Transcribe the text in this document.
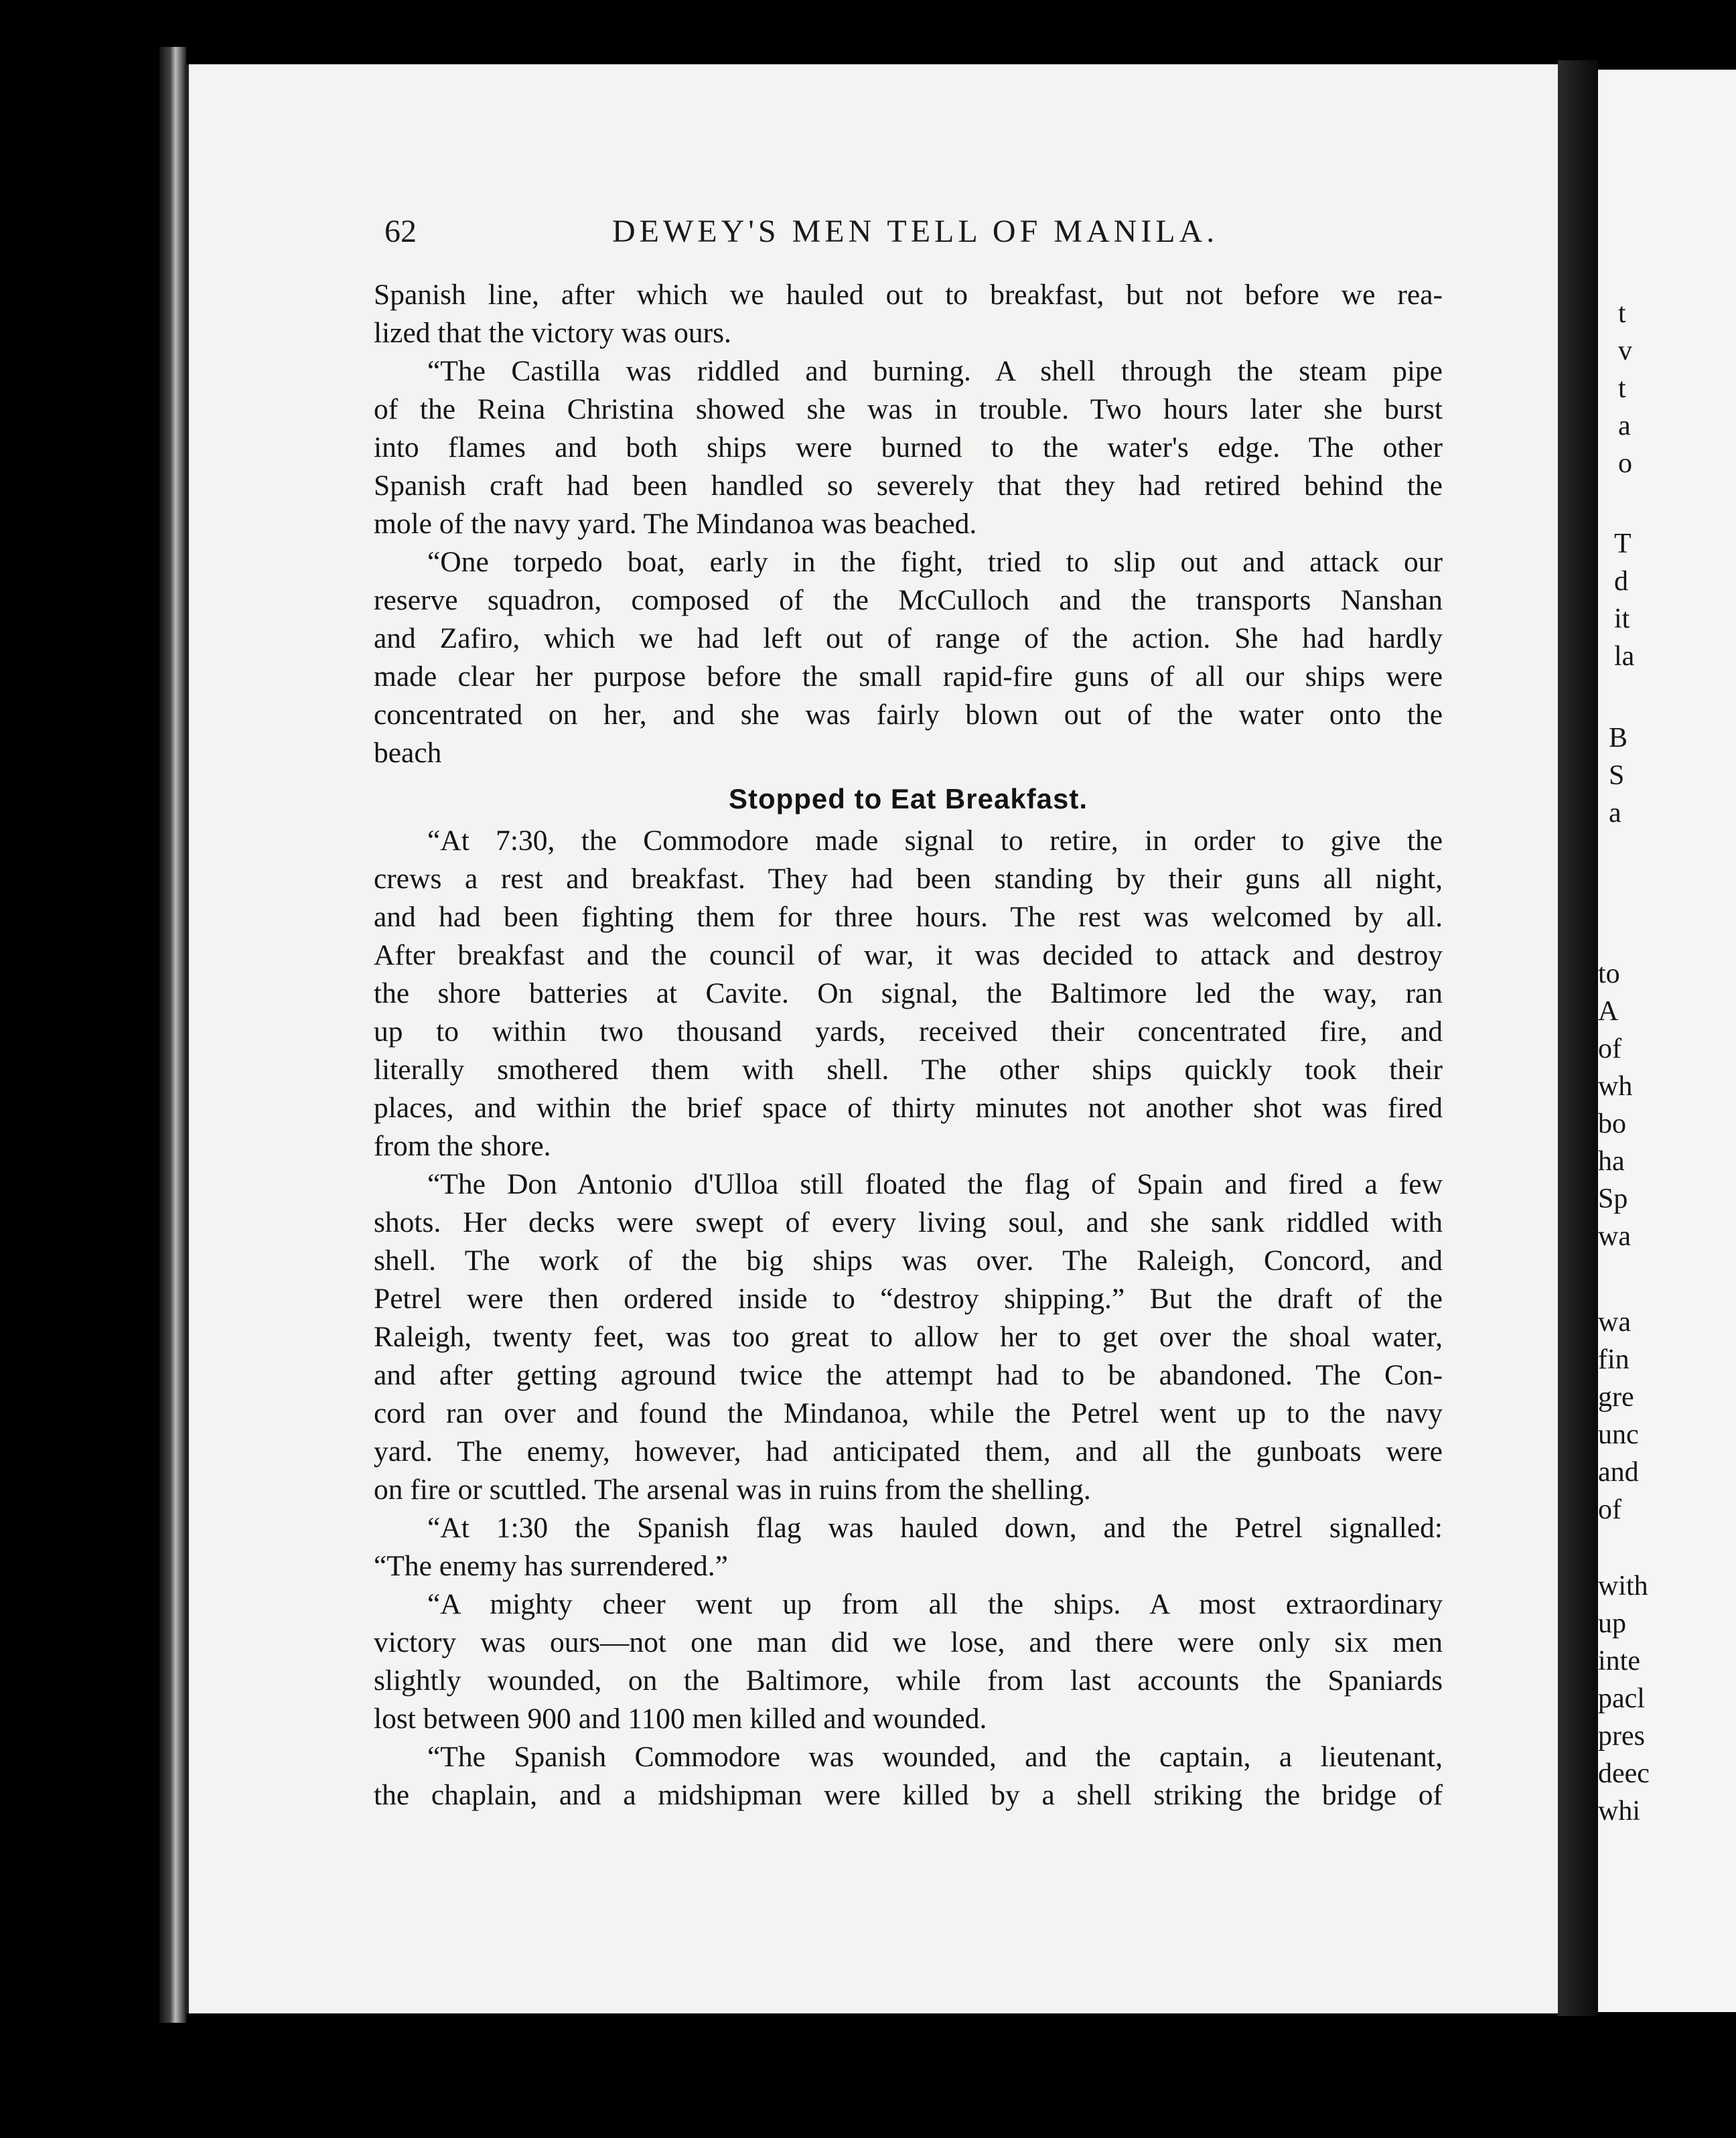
t
v
t
a
o
T
d
it
la
B
S
a
to
A
of
wh
bo
ha
Sp
wa
wa
fin
gre
unc
and
of
with
up
inte
pacl
pres
deec
whi
62	DEWEY'S MEN TELL OF MANILA.
Spanish line, after which we hauled out to breakfast, but not before we rea-
lized that the victory was ours.
“The Castilla was riddled and burning. A shell through the steam pipe
of the Reina Christina showed she was in trouble. Two hours later she burst
into flames and both ships were burned to the water's edge. The other
Spanish craft had been handled so severely that they had retired behind the
mole of the navy yard. The Mindanoa was beached.
“One torpedo boat, early in the fight, tried to slip out and attack our
reserve squadron, composed of the McCulloch and the transports Nanshan
and Zafiro, which we had left out of range of the action. She had hardly
made clear her purpose before the small rapid-fire guns of all our ships were
concentrated on her, and she was fairly blown out of the water onto the
beach
Stopped to Eat Breakfast.
“At 7:30, the Commodore made signal to retire, in order to give the
crews a rest and breakfast. They had been standing by their guns all night,
and had been fighting them for three hours. The rest was welcomed by all.
After breakfast and the council of war, it was decided to attack and destroy
the shore batteries at Cavite. On signal, the Baltimore led the way, ran
up to within two thousand yards, received their concentrated fire, and
literally smothered them with shell. The other ships quickly took their
places, and within the brief space of thirty minutes not another shot was fired
from the shore.
“The Don Antonio d'Ulloa still floated the flag of Spain and fired a few
shots. Her decks were swept of every living soul, and she sank riddled with
shell. The work of the big ships was over. The Raleigh, Concord, and
Petrel were then ordered inside to “destroy shipping.” But the draft of the
Raleigh, twenty feet, was too great to allow her to get over the shoal water,
and after getting aground twice the attempt had to be abandoned. The Con-
cord ran over and found the Mindanoa, while the Petrel went up to the navy
yard. The enemy, however, had anticipated them, and all the gunboats were
on fire or scuttled. The arsenal was in ruins from the shelling.
“At 1:30 the Spanish flag was hauled down, and the Petrel signalled:
“The enemy has surrendered.”
“A mighty cheer went up from all the ships. A most extraordinary
victory was ours—not one man did we lose, and there were only six men
slightly wounded, on the Baltimore, while from last accounts the Spaniards
lost between 900 and 1100 men killed and wounded.
“The Spanish Commodore was wounded, and the captain, a lieutenant,
the chaplain, and a midshipman were killed by a shell striking the bridge of
